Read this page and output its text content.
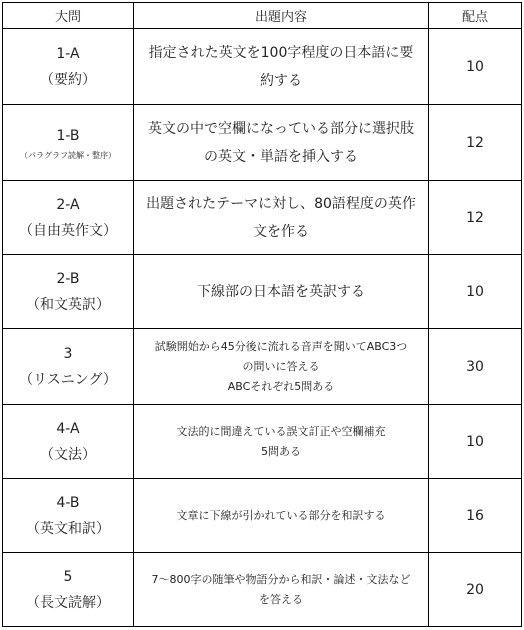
大問	出題内容	配点

1-A
（要約）	指定された英文を100字程度の日本語に要
約する	10

1-B
（パラグラフ読解・整序）	英文の中で空欄になっている部分に選択肢
の英文・単語を挿入する	12

2-A
（自由英作文）	出題されたテーマに対し、80語程度の英作
文を作る	12

2-B
（和文英訳）	下線部の日本語を英訳する	10

3
（リスニング）	試験開始から45分後に流れる音声を聞いてABC3つ
の問いに答える
ABCそれぞれ5問ある	30

4-A
（文法）	文法的に間違えている誤文訂正や空欄補充
5問ある	10

4-B
（英文和訳）	文章に下線が引かれている部分を和訳する	16

5
（長文読解）	7～800字の随筆や物語分から和訳・論述・文法など
を答える	20
